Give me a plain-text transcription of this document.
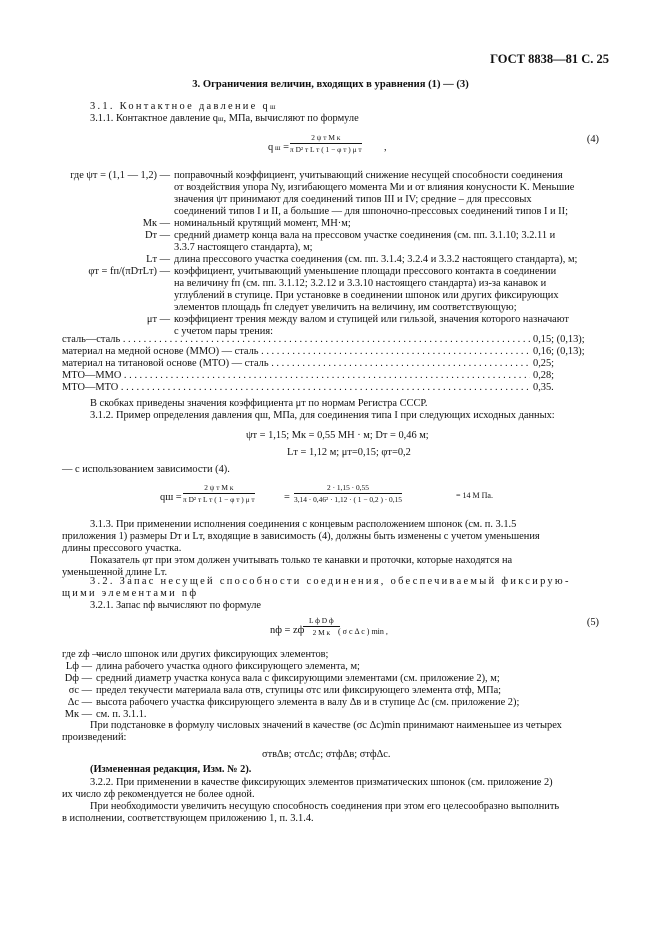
ГОСТ 8838—81 С. 25
3. Ограничения величин, входящих в уравнения (1) — (3)
3.1. Контактное давление qш
3.1.1. Контактное давление qш, МПа, вычисляют по формуле
q ш =
2 ψ т M к
π D² т L т ( 1 − φ т ) μ т ,
(4)
где ψт = (1,1 — 1,2) — поправочный коэффициент, учитывающий снижение несущей способности соединения
от воздействия упора Nу, изгибающего момента Mи и от влияния конусности K. Меньшие
значения ψт принимают для соединений типов III и IV; средние – для прессовых
соединений типов I и II, а большие — для шпоночно-прессовых соединений типов I и II;
Mк — номинальный крутящий момент, МН·м;
Dт — средний диаметр конца вала на прессовом участке соединения (см. пп. 3.1.10; 3.2.11 и
3.3.7 настоящего стандарта), м;
Lт — длина прессового участка соединения (см. пп. 3.1.4; 3.2.4 и 3.3.2 настоящего стандарта), м;
φт = fп/(πDтLт) — коэффициент, учитывающий уменьшение площади прессового контакта в соединении
на величину fп (см. пп. 3.1.12; 3.2.12 и 3.3.10 настоящего стандарта) из-за канавок и
углублений в ступице. При установке в соединении шпонок или других фиксирующих
элементов площадь fп следует увеличить на величину, им соответствующую;
μт — коэффициент трения между валом и ступицей или гильзой, значения которого назначают
с учетом пары трения:
сталь—сталь . . .	0,15; (0,13);
материал на медной основе (ММО) — сталь . . .	0,16; (0,13);
материал на титановой основе (МТО) — сталь . . .	0,25;
МТО—ММО . . .	0,28;
МТО—МТО . . .	0,35.
В скобках приведены значения коэффициента μт по нормам Регистра СССР.
3.1.2. Пример определения давления qш, МПа, для соединения типа I при следующих исходных данных:
ψт = 1,15; Mк = 0,55 МН · м; Dт = 0,46 м;
Lт = 1,12 м; μт=0,15; φт=0,2
— с использованием зависимости (4).
qш =
2 ψ т M к
π D² т L т ( 1 − φ т ) μ т	= $\frac{2 \cdot 1,15 \cdot 0,55}{\text{3,14 · 0,46² · 1,12 · ( 1 − 0,2 ) · 0,15}}$	= 14 М Па.
3.1.3. При применении исполнения соединения с концевым расположением шпонок (см. п. 3.1.5
приложения 1) размеры Dт и Lт, входящие в зависимость (4), должны быть изменены с учетом уменьшения
длины прессового участка.
Показатель φт при этом должен учитывать только те канавки и проточки, которые находятся на
уменьшенной длине Lт.
3.2. Запас несущей способности соединения, обеспечиваемый фиксирую-
щими элементами nф
3.2.1. Запас nф вычисляют по формуле
nф = zф
L ф D ф
2 M к ( σ с Δ с ) min ,
(5)
где zф —
число шпонок или других фиксирующих элементов;
Lф — длина рабочего участка одного фиксирующего элемента, м;
Dф — средний диаметр участка конуса вала с фиксирующими элементами (см. приложение 2), м;
σс — предел текучести материала вала σтв, ступицы σтс или фиксирующего элемента σтф, МПа;
Δс — высота рабочего участка фиксирующего элемента в валу Δв и в ступице Δс (см. приложение 2);
Mк — см. п. 3.1.1.
При подстановке в формулу числовых значений в качестве (σс Δс)min принимают наименьшее из четырех
произведений:
σтвΔв; σтсΔс; σтфΔв; σтфΔс.
(Измененная редакция, Изм. № 2).
3.2.2. При применении в качестве фиксирующих элементов призматических шпонок (см. приложение 2)
их число zф рекомендуется не более одной.
При необходимости увеличить несущую способность соединения при этом его целесообразно выполнить
в исполнении, соответствующем приложению 1, п. 3.1.4.
